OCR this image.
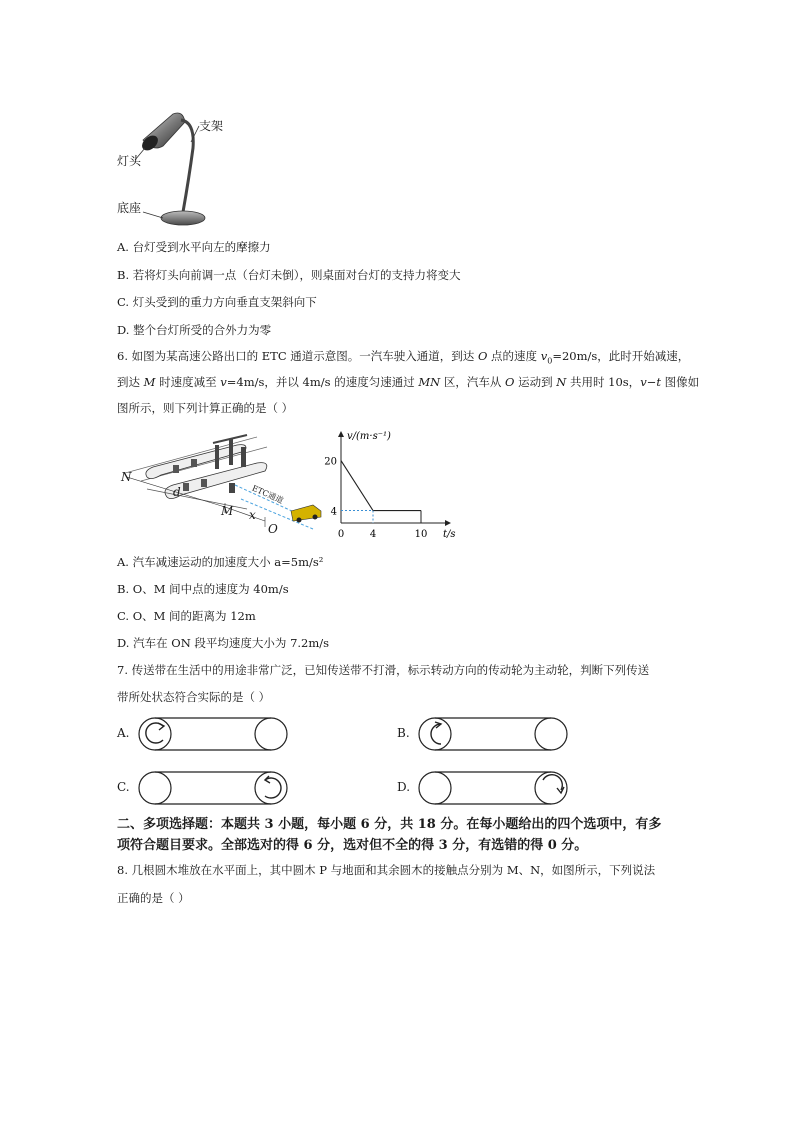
支架
灯头
底座
A. 台灯受到水平向左的摩擦力
B. 若将灯头向前调一点（台灯未倒），则桌面对台灯的支持力将变大
C. 灯头受到的重力方向垂直支架斜向下
D. 整个台灯所受的合外力为零
6. 如图为某高速公路出口的 ETC 通道示意图。一汽车驶入通道，到达 O 点的速度 $v_0=20m/s$，此时开始减速，
到达 M 时速度减至 v=4m/s，并以 4m/s 的速度匀速通过 MN 区，汽车从 O 运动到 N 共用时 10s，v−t 图像如
图所示，则下列计算正确的是（ ）
N
d
M x
O
ETC通道
0	4	10
20
4
v/(m·s⁻¹)
t/s
A. 汽车减速运动的加速度大小 a=5m/s²
B. O、M 间中点的速度为 40m/s
C. O、M 间的距离为 12m
D. 汽车在 ON 段平均速度大小为 7.2m/s
7. 传送带在生活中的用途非常广泛，已知传送带不打滑，标示转动方向的传动轮为主动轮，判断下列传送
带所处状态符合实际的是（ ）
A.	B.
C.	D.
二、多项选择题：本题共 3 小题，每小题 6 分，共 18 分。在每小题给出的四个选项中，有多
项符合题目要求。全部选对的得 6 分，选对但不全的得 3 分，有选错的得 0 分。
8. 几根圆木堆放在水平面上，其中圆木 P 与地面和其余圆木的接触点分别为 M、N，如图所示，下列说法
正确的是（ ）
